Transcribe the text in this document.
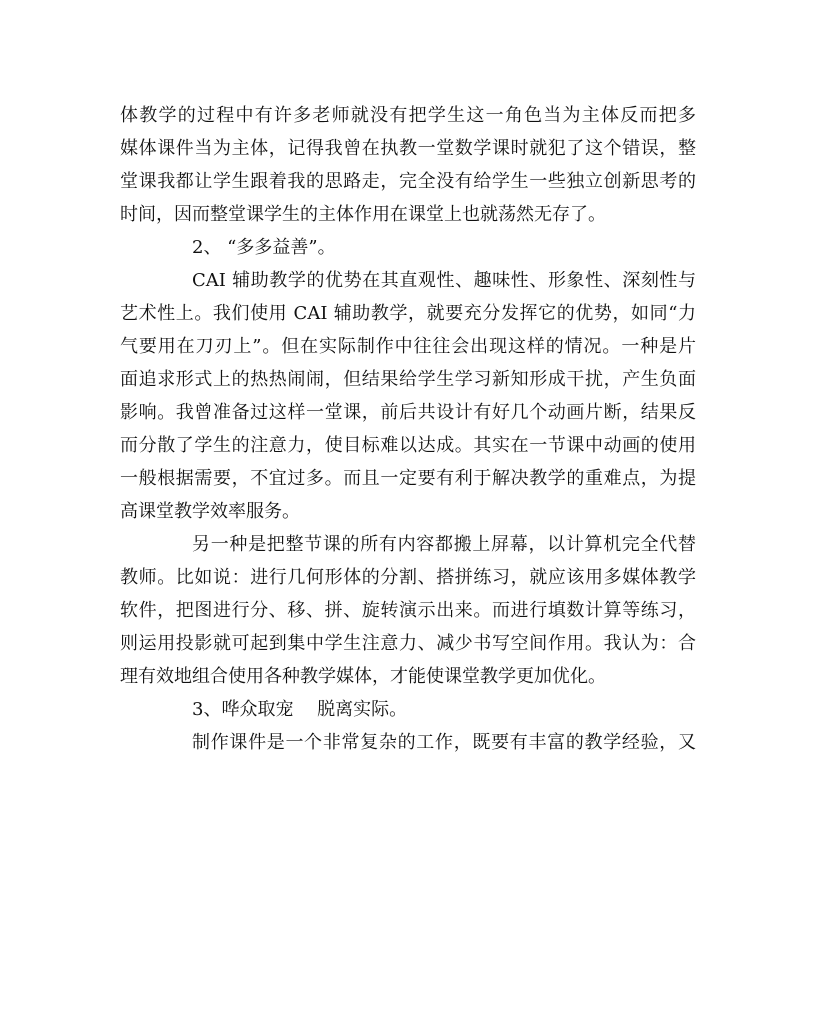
体教学的过程中有许多老师就没有把学生这一角色当为主体反而把多
媒体课件当为主体，记得我曾在执教一堂数学课时就犯了这个错误，整
堂课我都让学生跟着我的思路走，完全没有给学生一些独立创新思考的
时间，因而整堂课学生的主体作用在课堂上也就荡然无存了。
2、 “多多益善”。
CAI 辅助教学的优势在其直观性、趣味性、形象性、深刻性与
艺术性上。我们使用 CAI 辅助教学，就要充分发挥它的优势，如同“力
气要用在刀刃上”。但在实际制作中往往会出现这样的情况。一种是片
面追求形式上的热热闹闹，但结果给学生学习新知形成干扰，产生负面
影响。我曾准备过这样一堂课，前后共设计有好几个动画片断，结果反
而分散了学生的注意力，使目标难以达成。其实在一节课中动画的使用
一般根据需要，不宜过多。而且一定要有利于解决教学的重难点，为提
高课堂教学效率服务。
另一种是把整节课的所有内容都搬上屏幕，以计算机完全代替
教师。比如说：进行几何形体的分割、搭拼练习，就应该用多媒体教学
软件，把图进行分、移、拼、旋转演示出来。而进行填数计算等练习，
则运用投影就可起到集中学生注意力、减少书写空间作用。我认为：合
理有效地组合使用各种教学媒体，才能使课堂教学更加优化。
3、哗众取宠　 脱离实际。
制作课件是一个非常复杂的工作，既要有丰富的教学经验，又
